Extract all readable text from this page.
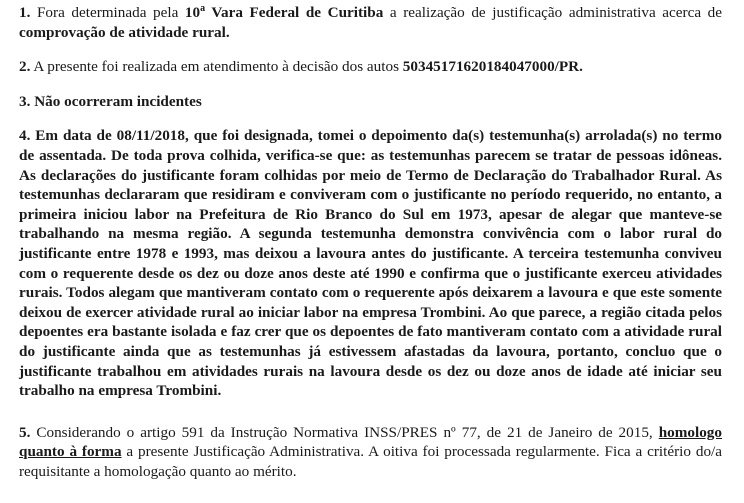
1. Fora determinada pela 10$^a$ Vara Federal de Curitiba a realização de justificação administrativa acerca de comprovação de atividade rural.

2. A presente foi realizada em atendimento à decisão dos autos 50345171620184047000/PR.

3. Não ocorreram incidentes

4. Em data de 08/11/2018, que foi designada, tomei o depoimento da(s) testemunha(s) arrolada(s) no termo de assentada. De toda prova colhida, verifica-se que: as testemunhas parecem se tratar de pessoas idôneas. As declarações do justificante foram colhidas por meio de Termo de Declaração do Trabalhador Rural. As testemunhas declararam que residiram e conviveram com o justificante no período requerido, no entanto, a primeira iniciou labor na Prefeitura de Rio Branco do Sul em 1973, apesar de alegar que manteve-se trabalhando na mesma região. A segunda testemunha demonstra convivência com o labor rural do justificante entre 1978 e 1993, mas deixou a lavoura antes do justificante. A terceira testemunha conviveu com o requerente desde os dez ou doze anos deste até 1990 e confirma que o justificante exerceu atividades rurais. Todos alegam que mantiveram contato com o requerente após deixarem a lavoura e que este somente deixou de exercer atividade rural ao iniciar labor na empresa Trombini. Ao que parece, a região citada pelos depoentes era bastante isolada e faz crer que os depoentes de fato mantiveram contato com a atividade rural do justificante ainda que as testemunhas já estivessem afastadas da lavoura, portanto, concluo que o justificante trabalhou em atividades rurais na lavoura desde os dez ou doze anos de idade até iniciar seu trabalho na empresa Trombini.

5. Considerando o artigo 591 da Instrução Normativa INSS/PRES nº 77, de 21 de Janeiro de 2015, homologo quanto à forma a presente Justificação Administrativa. A oitiva foi processada regularmente. Fica a critério do/a requisitante a homologação quanto ao mérito.
